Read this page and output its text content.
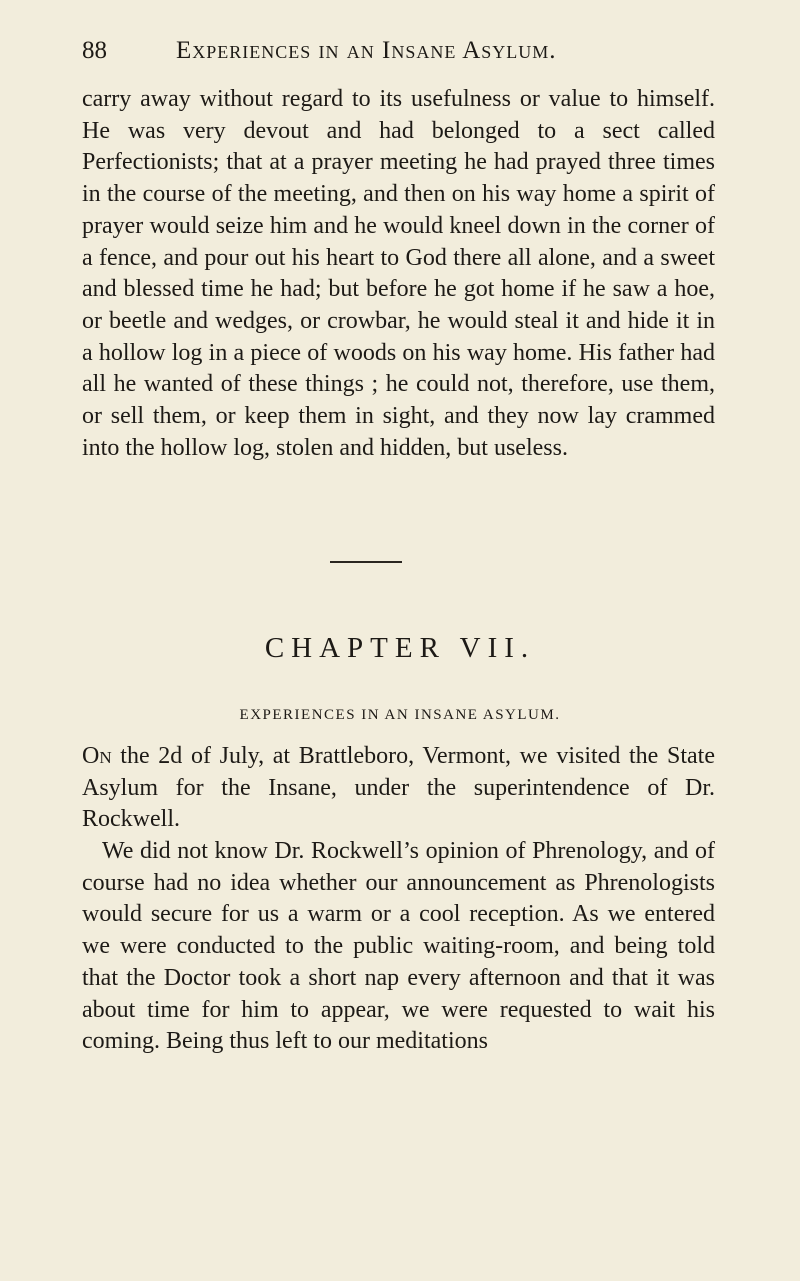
88	Experiences in an Insane Asylum.

carry away without regard to its usefulness or value to himself. He was very devout and had belonged to a sect called Perfectionists; that at a prayer meeting he had prayed three times in the course of the meeting, and then on his way home a spirit of prayer would seize him and he would kneel down in the corner of a fence, and pour out his heart to God there all alone, and a sweet and blessed time he had; but before he got home if he saw a hoe, or beetle and wedges, or crowbar, he would steal it and hide it in a hollow log in a piece of woods on his way home. His father had all he wanted of these things ; he could not, therefore, use them, or sell them, or keep them in sight, and they now lay crammed into the hollow log, stolen and hidden, but useless.

CHAPTER VII.
EXPERIENCES IN AN INSANE ASYLUM.

On the 2d of July, at Brattleboro, Vermont, we visited the State Asylum for the Insane, under the superintendence of Dr. Rockwell.

We did not know Dr. Rockwell’s opinion of Phrenology, and of course had no idea whether our announcement as Phrenologists would secure for us a warm or a cool reception. As we entered we were conducted to the public waiting-room, and being told that the Doctor took a short nap every afternoon and that it was about time for him to appear, we were requested to wait his coming. Being thus left to our meditations
